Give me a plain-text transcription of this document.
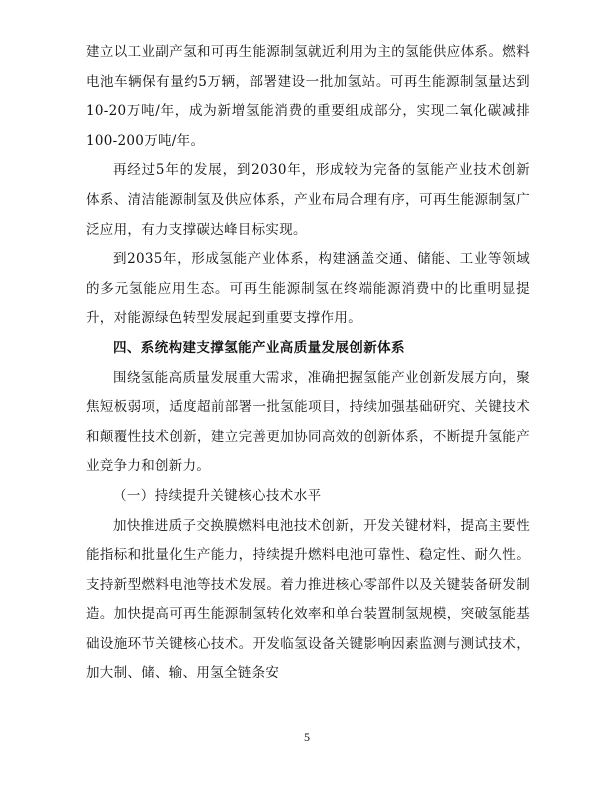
建立以工业副产氢和可再生能源制氢就近利用为主的氢能供应体系。燃料电池车辆保有量约5万辆，部署建设一批加氢站。可再生能源制氢量达到10-20万吨/年，成为新增氢能消费的重要组成部分，实现二氧化碳减排100-200万吨/年。

再经过5年的发展，到2030年，形成较为完备的氢能产业技术创新体系、清洁能源制氢及供应体系，产业布局合理有序，可再生能源制氢广泛应用，有力支撑碳达峰目标实现。

到2035年，形成氢能产业体系，构建涵盖交通、储能、工业等领域的多元氢能应用生态。可再生能源制氢在终端能源消费中的比重明显提升，对能源绿色转型发展起到重要支撑作用。

四、系统构建支撑氢能产业高质量发展创新体系

围绕氢能高质量发展重大需求，准确把握氢能产业创新发展方向，聚焦短板弱项，适度超前部署一批氢能项目，持续加强基础研究、关键技术和颠覆性技术创新，建立完善更加协同高效的创新体系，不断提升氢能产业竞争力和创新力。

（一）持续提升关键核心技术水平

加快推进质子交换膜燃料电池技术创新，开发关键材料，提高主要性能指标和批量化生产能力，持续提升燃料电池可靠性、稳定性、耐久性。支持新型燃料电池等技术发展。着力推进核心零部件以及关键装备研发制造。加快提高可再生能源制氢转化效率和单台装置制氢规模，突破氢能基础设施环节关键核心技术。开发临氢设备关键影响因素监测与测试技术，加大制、储、输、用氢全链条安

5
